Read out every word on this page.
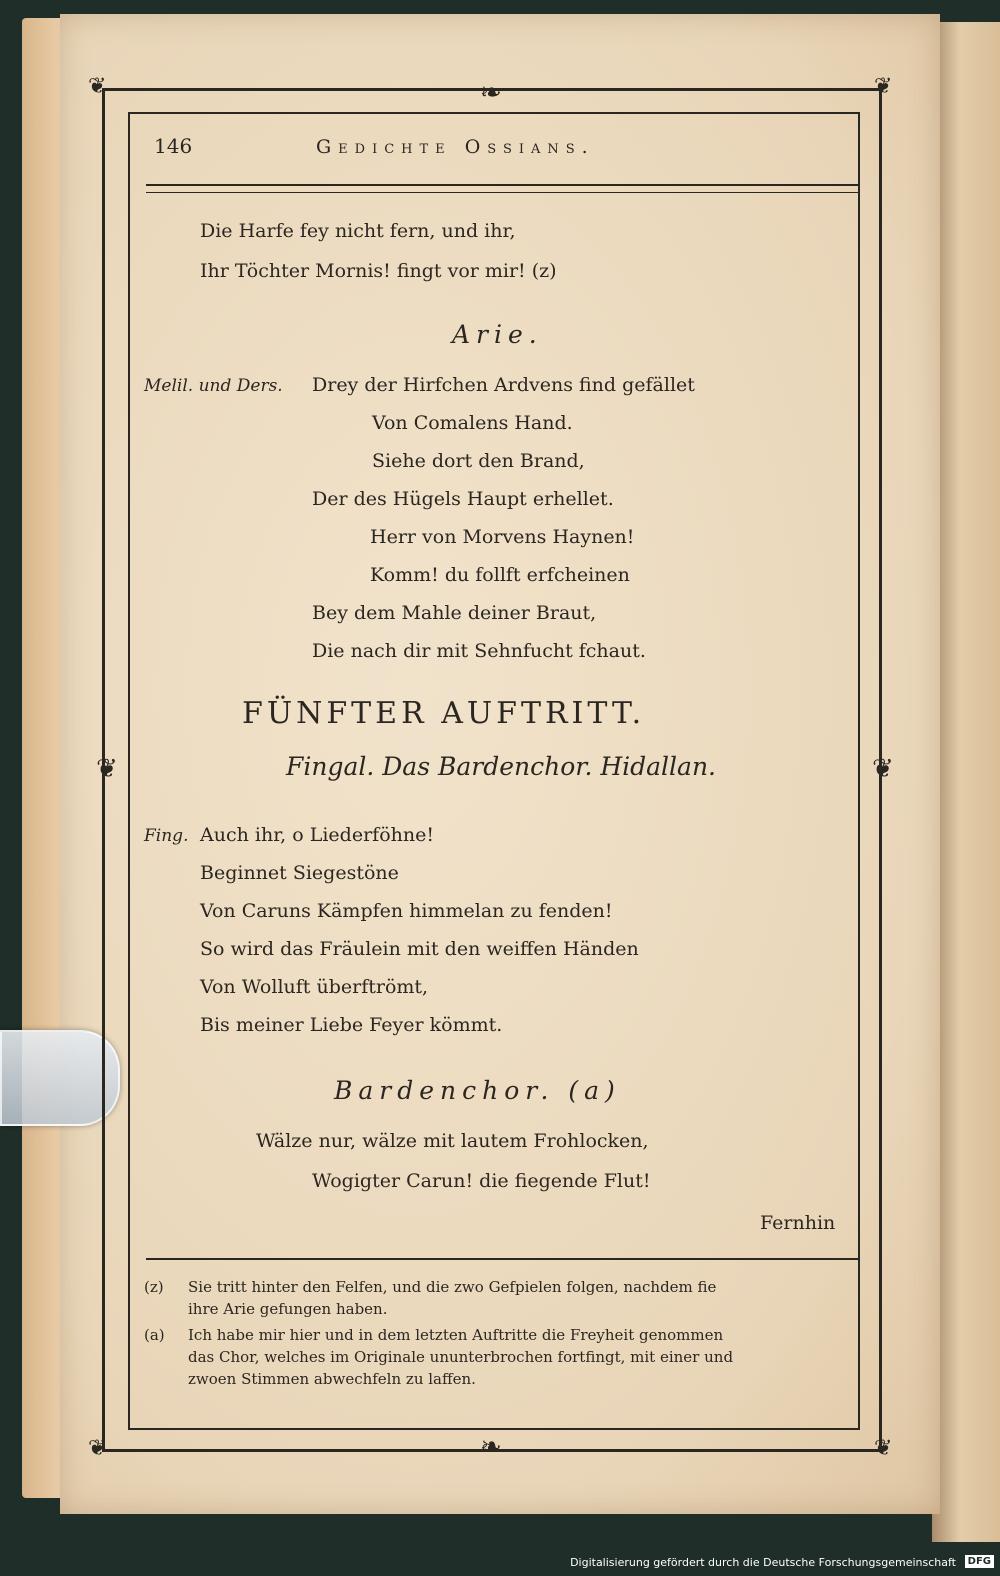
❦	❦
❦	❦
❧
❧
❦	❦
146	Gedichte Ossians.
Die Harfe fey nicht fern, und ihr,
Ihr Töchter Mornis! fingt vor mir! (z)
Arie.
Melil. und Ders. Drey der Hirfchen Ardvens find gefället
Von Comalens Hand.
Siehe dort den Brand,
Der des Hügels Haupt erhellet.
Herr von Morvens Haynen!
Komm! du follft erfcheinen
Bey dem Mahle deiner Braut,
Die nach dir mit Sehnfucht fchaut.
FÜNFTER AUFTRITT.
Fingal. Das Bardenchor. Hidallan.
Fing. Auch ihr, o Liederföhne!
Beginnet Siegestöne
Von Caruns Kämpfen himmelan zu fenden!
So wird das Fräulein mit den weiffen Händen
Von Wolluft überftrömt,
Bis meiner Liebe Feyer kömmt.
Bardenchor. (a)
Wälze nur, wälze mit lautem Frohlocken,
Wogigter Carun! die fiegende Flut!
Fernhin
(z) Sie tritt hinter den Felfen, und die zwo Gefpielen folgen, nachdem fie
ihre Arie gefungen haben.
(a) Ich habe mir hier und in dem letzten Auftritte die Freyheit genommen
das Chor, welches im Originale ununterbrochen fortfingt, mit einer und
zwoen Stimmen abwechfeln zu laffen.
Digitalisierung gefördert durch die Deutsche Forschungsgemeinschaft	DFG
